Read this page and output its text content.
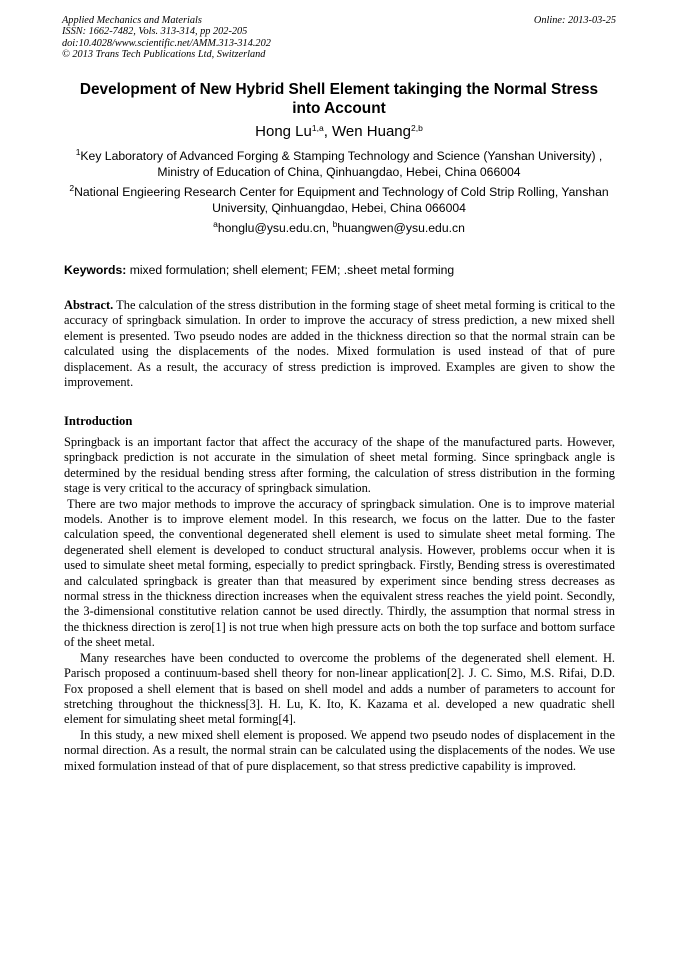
Applied Mechanics and Materials
ISSN: 1662-7482, Vols. 313-314, pp 202-205
doi:10.4028/www.scientific.net/AMM.313-314.202
© 2013 Trans Tech Publications Ltd, Switzerland
Online: 2013-03-25
Development of New Hybrid Shell Element takinging the Normal Stress into Account
Hong Lu$^{1,a}$, Wen Huang$^{2,b}$
$^1$Key Laboratory of Advanced Forging & Stamping Technology and Science (Yanshan University) , Ministry of Education of China, Qinhuangdao, Hebei, China 066004
$^2$National Engieering Research Center for Equipment and Technology of Cold Strip Rolling, Yanshan University, Qinhuangdao, Hebei, China 066004
$^a$honglu@ysu.edu.cn, $^b$huangwen@ysu.edu.cn
Keywords: mixed formulation; shell element; FEM; .sheet metal forming
Abstract. The calculation of the stress distribution in the forming stage of sheet metal forming is critical to the accuracy of springback simulation. In order to improve the accuracy of stress prediction, a new mixed shell element is presented. Two pseudo nodes are added in the thickness direction so that the normal strain can be calculated using the displacements of the nodes. Mixed formulation is used instead of that of pure displacement. As a result, the accuracy of stress prediction is improved. Examples are given to show the improvement.
Introduction

Springback is an important factor that affect the accuracy of the shape of the manufactured parts. However, springback prediction is not accurate in the simulation of sheet metal forming. Since springback angle is determined by the residual bending stress after forming, the calculation of stress distribution in the forming stage is very critical to the accuracy of springback simulation.

There are two major methods to improve the accuracy of springback simulation. One is to improve material models. Another is to improve element model. In this research, we focus on the latter. Due to the faster calculation speed, the conventional degenerated shell element is used to simulate sheet metal forming. The degenerated shell element is developed to conduct structural analysis. However, problems occur when it is used to simulate sheet metal forming, especially to predict springback. Firstly, Bending stress is overestimated and calculated springback is greater than that measured by experiment since bending stress decreases as normal stress in the thickness direction increases when the equivalent stress reaches the yield point. Secondly, the 3-dimensional constitutive relation cannot be used directly. Thirdly, the assumption that normal stress in the thickness direction is zero[1] is not true when high pressure acts on both the top surface and bottom surface of the sheet metal.

Many researches have been conducted to overcome the problems of the degenerated shell element. H. Parisch proposed a continuum-based shell theory for non-linear application[2]. J. C. Simo, M.S. Rifai, D.D. Fox proposed a shell element that is based on shell model and adds a number of parameters to account for stretching throughout the thickness[3]. H. Lu, K. Ito, K. Kazama et al. developed a new quadratic shell element for simulating sheet metal forming[4].

In this study, a new mixed shell element is proposed. We append two pseudo nodes of displacement in the normal direction. As a result, the normal strain can be calculated using the displacements of the nodes. We use mixed formulation instead of that of pure displacement, so that stress predictive capability is improved.
